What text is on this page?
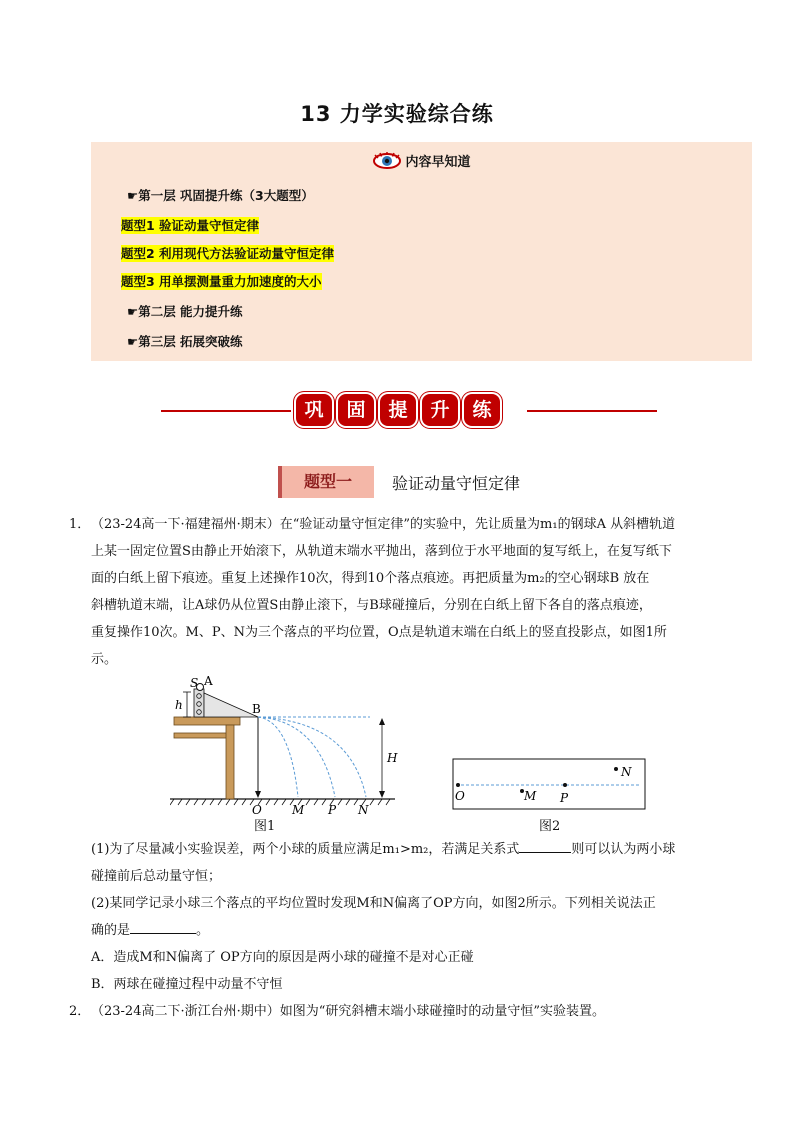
13 力学实验综合练
内容早知道
☛第一层 巩固提升练（3大题型）
题型1 验证动量守恒定律
题型2 利用现代方法验证动量守恒定律
题型3 用单摆测量重力加速度的大小
☛第二层 能力提升练
☛第三层 拓展突破练
巩	固	提	升	练
题型一	验证动量守恒定律
1． （23-24高一下·福建福州·期末）在“验证动量守恒定律”的实验中，先让质量为m₁的钢球A 从斜槽轨道
上某一固定位置S由静止开始滚下，从轨道末端水平抛出，落到位于水平地面的复写纸上，在复写纸下
面的白纸上留下痕迹。重复上述操作10次，得到10个落点痕迹。再把质量为m₂的空心钢球B 放在
斜槽轨道末端，让A球仍从位置S由静止滚下，与B球碰撞后，分别在白纸上留下各自的落点痕迹，
重复操作10次。M、P、N为三个落点的平均位置，O点是轨道末端在白纸上的竖直投影点，如图1所
示。
S A
h	B
H
O	M P N
图1
O	M P
N
图2
(1)为了尽量减小实验误差，两个小球的质量应满足m₁>m₂，若满足关系式	则可以认为两小球
碰撞前后总动量守恒；
(2)某同学记录小球三个落点的平均位置时发现M和N偏离了OP方向，如图2所示。下列相关说法正
确的是	。
A．造成M和N偏离了 OP方向的原因是两小球的碰撞不是对心正碰
B．两球在碰撞过程中动量不守恒
2． （23-24高二下·浙江台州·期中）如图为“研究斜槽末端小球碰撞时的动量守恒”实验装置。
